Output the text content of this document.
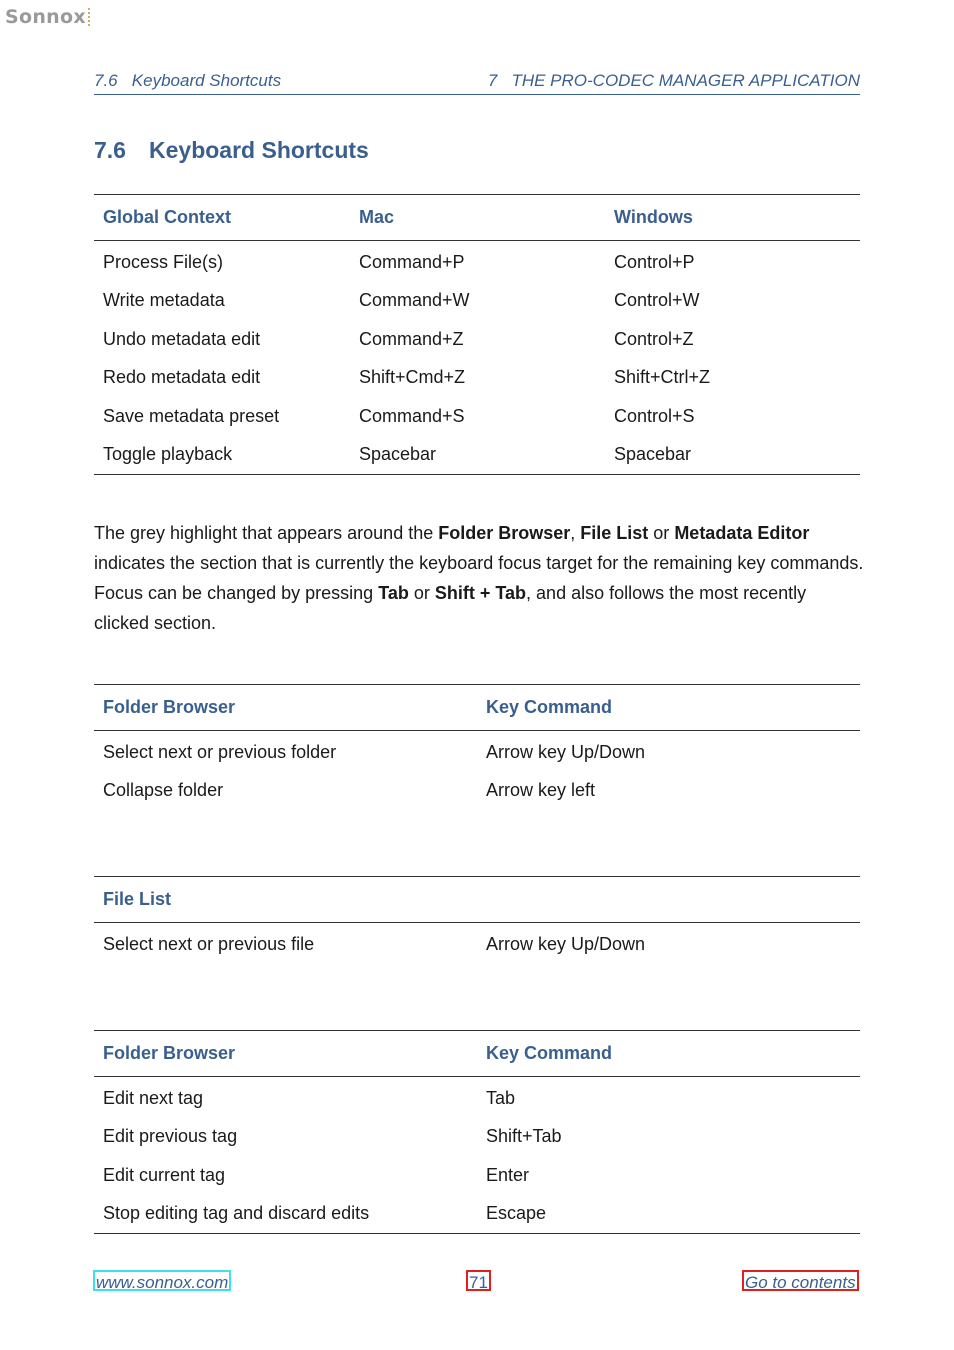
Sonnox
7.6   Keyboard Shortcuts	7   THE PRO-CODEC MANAGER APPLICATION
7.6 Keyboard Shortcuts
Global Context	Mac	Windows
Process File(s)	Command+P	Control+P
Write metadata	Command+W	Control+W
Undo metadata edit	Command+Z	Control+Z
Redo metadata edit	Shift+Cmd+Z	Shift+Ctrl+Z
Save metadata preset	Command+S	Control+S
Toggle playback	Spacebar	Spacebar

The grey highlight that appears around the Folder Browser, File List or Metadata Editor indicates the section that is currently the keyboard focus target for the remaining key commands. Focus can be changed by pressing Tab or Shift + Tab, and also follows the most recently clicked section.

Folder Browser	Key Command
Select next or previous folder	Arrow key Up/Down
Collapse folder	Arrow key left
File List	
Select next or previous file	Arrow key Up/Down
Folder Browser	Key Command
Edit next tag	Tab
Edit previous tag	Shift+Tab
Edit current tag	Enter
Stop editing tag and discard edits	Escape
www.sonnox.com	71	Go to contents
